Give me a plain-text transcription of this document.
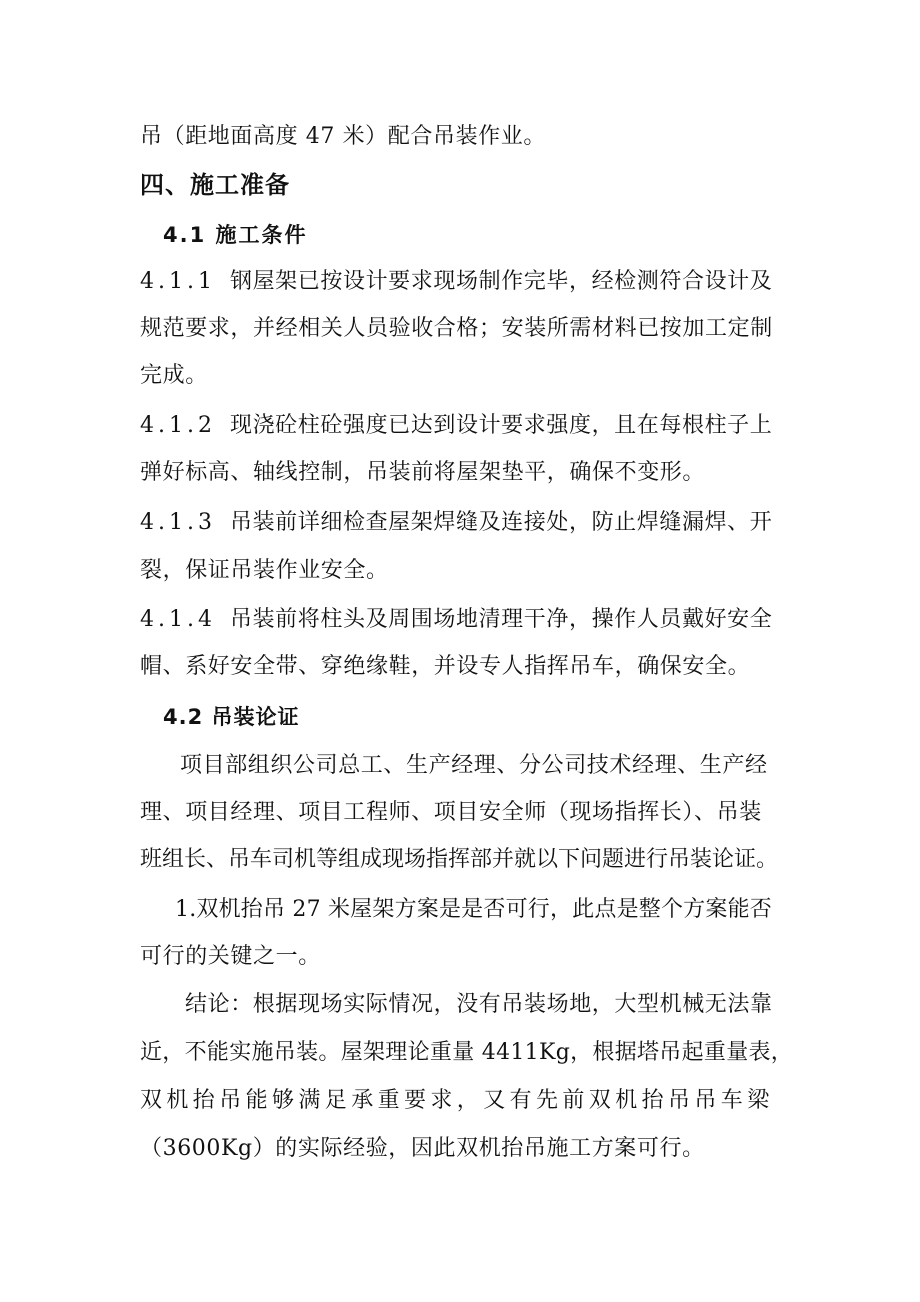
吊（距地面高度 47 米）配合吊装作业。
四、施工准备
4.1 施工条件
4.1.1 钢屋架已按设计要求现场制作完毕，经检测符合设计及
规范要求，并经相关人员验收合格；安装所需材料已按加工定制
完成。
4.1.2 现浇砼柱砼强度已达到设计要求强度，且在每根柱子上
弹好标高、轴线控制，吊装前将屋架垫平，确保不变形。
4.1.3 吊装前详细检查屋架焊缝及连接处，防止焊缝漏焊、开
裂，保证吊装作业安全。
4.1.4 吊装前将柱头及周围场地清理干净，操作人员戴好安全
帽、系好安全带、穿绝缘鞋，并设专人指挥吊车，确保安全。
4.2 吊装论证
项目部组织公司总工、生产经理、分公司技术经理、生产经
理、项目经理、项目工程师、项目安全师（现场指挥长）、吊装
班组长、吊车司机等组成现场指挥部并就以下问题进行吊装论证。
1.双机抬吊 27 米屋架方案是是否可行，此点是整个方案能否
可行的关键之一。
结论：根据现场实际情况，没有吊装场地，大型机械无法靠
近，不能实施吊装。屋架理论重量 4411Kg，根据塔吊起重量表，
双机抬吊能够满足承重要求，又有先前双机抬吊吊车梁
（3600Kg）的实际经验，因此双机抬吊施工方案可行。
